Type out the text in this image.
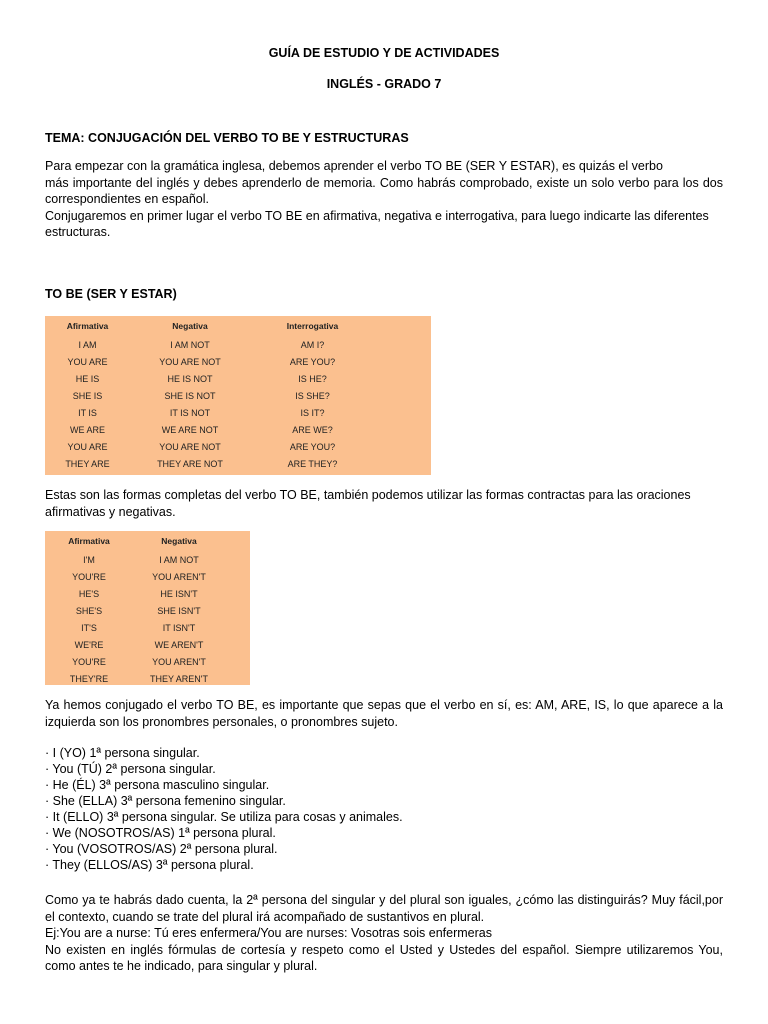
GUÍA DE ESTUDIO Y DE ACTIVIDADES
INGLÉS - GRADO 7
TEMA: CONJUGACIÓN DEL VERBO TO BE Y ESTRUCTURAS

Para empezar con la gramática inglesa, debemos aprender el verbo TO BE (SER Y ESTAR), es quizás el verbo

más importante del inglés y debes aprenderlo de memoria. Como habrás comprobado, existe un solo verbo para los dos correspondientes en español.

Conjugaremos en primer lugar el verbo TO BE en afirmativa, negativa e interrogativa, para luego indicarte las diferentes estructuras.

TO BE (SER Y ESTAR)
Afirmativa	Negativa	Interrogativa
I AM	I AM NOT	AM I?
YOU ARE	YOU ARE NOT	ARE YOU?
HE IS	HE IS NOT	IS HE?
SHE IS	SHE IS NOT	IS SHE?
IT IS	IT IS NOT	IS IT?
WE ARE	WE ARE NOT	ARE WE?
YOU ARE	YOU ARE NOT	ARE YOU?
THEY ARE	THEY ARE NOT	ARE THEY?
Estas son las formas completas del verbo TO BE, también podemos utilizar las formas contractas para las oraciones afirmativas y negativas.
Afirmativa	Negativa
I'M	I AM NOT
YOU'RE	YOU AREN'T
HE'S	HE ISN'T
SHE'S	SHE ISN'T
IT'S	IT ISN'T
WE'RE	WE AREN'T
YOU'RE	YOU AREN'T
THEY'RE	THEY AREN'T
Ya hemos conjugado el verbo TO BE, es importante que sepas que el verbo en sí, es: AM, ARE, IS, lo que aparece a la izquierda son los pronombres personales, o pronombres sujeto.
· I (YO) 1ª persona singular.
· You (TÚ) 2ª persona singular.
· He (ÉL) 3ª persona masculino singular.
· She (ELLA) 3ª persona femenino singular.
· It (ELLO) 3ª persona singular. Se utiliza para cosas y animales.
· We (NOSOTROS/AS) 1ª persona plural.
· You (VOSOTROS/AS) 2ª persona plural.
· They (ELLOS/AS) 3ª persona plural.

Como ya te habrás dado cuenta, la 2ª persona del singular y del plural son iguales, ¿cómo las distinguirás? Muy fácil,por el contexto, cuando se trate del plural irá acompañado de sustantivos en plural.

Ej:You are a nurse: Tú eres enfermera/You are nurses: Vosotras sois enfermeras

No existen en inglés fórmulas de cortesía y respeto como el Usted y Ustedes del español. Siempre utilizaremos You, como antes te he indicado, para singular y plural.
